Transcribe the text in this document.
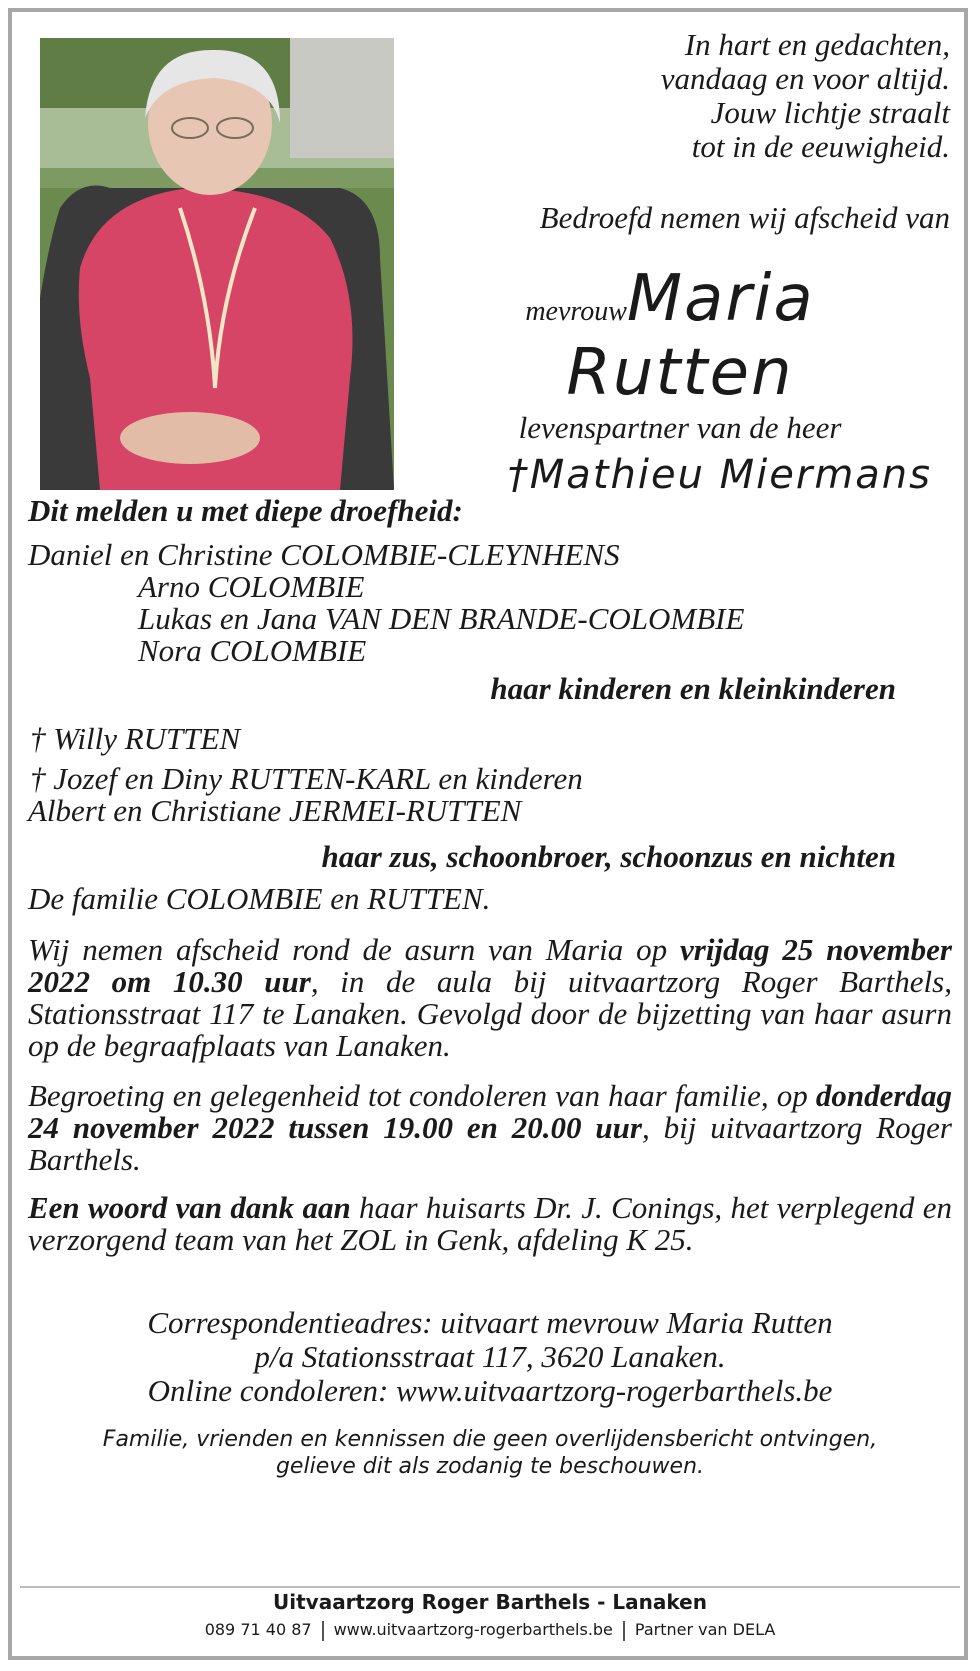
In hart en gedachten,
vandaag en voor altijd.
Jouw lichtje straalt
tot in de eeuwigheid.
Bedroefd nemen wij afscheid van
mevrouwMaria
Rutten
levenspartner van de heer
†Mathieu Miermans
Dit melden u met diepe droefheid:
Daniel en Christine COLOMBIE-CLEYNHENS
Arno COLOMBIE
Lukas en Jana VAN DEN BRANDE-COLOMBIE
Nora COLOMBIE
haar kinderen en kleinkinderen
† Willy RUTTEN
† Jozef en Diny RUTTEN-KARL en kinderen
Albert en Christiane JERMEI-RUTTEN
haar zus, schoonbroer, schoonzus en nichten
De familie COLOMBIE en RUTTEN.
Wij nemen afscheid rond de asurn van Maria op vrijdag 25 november 2022 om 10.30 uur, in de aula bij uitvaartzorg Roger Barthels, Stationsstraat 117 te Lanaken. Gevolgd door de bijzetting van haar asurn op de begraafplaats van Lanaken.
Begroeting en gelegenheid tot condoleren van haar familie, op donderdag 24 november 2022 tussen 19.00 en 20.00 uur, bij uitvaartzorg Roger Barthels.
Een woord van dank aan haar huisarts Dr. J. Conings, het verplegend en verzorgend team van het ZOL in Genk, afdeling K 25.
Correspondentieadres: uitvaart mevrouw Maria Rutten
p/a Stationsstraat 117, 3620 Lanaken.
Online condoleren: www.uitvaartzorg-rogerbarthels.be
Familie, vrienden en kennissen die geen overlijdensbericht ontvingen,
gelieve dit als zodanig te beschouwen.
Uitvaartzorg Roger Barthels - Lanaken
089 71 40 87 www.uitvaartzorg-rogerbarthels.be Partner van DELA
